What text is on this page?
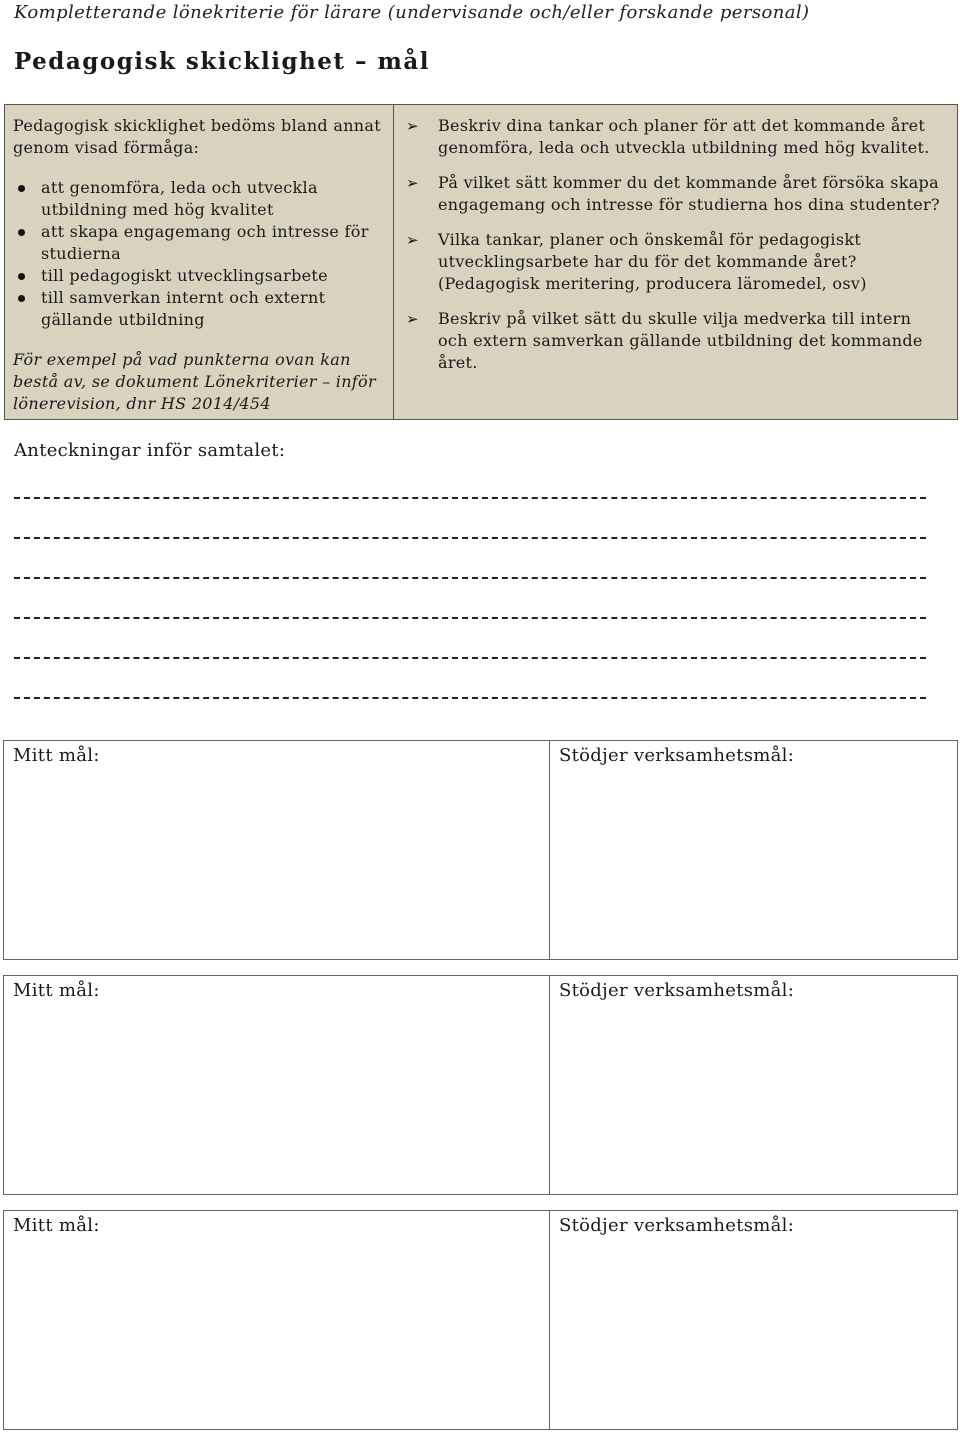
Kompletterande lönekriterie för lärare (undervisande och/eller forskande personal)
Pedagogisk skicklighet – mål

Pedagogisk skicklighet bedöms bland annat genom visad förmåga:

att genomföra, leda och utveckla utbildning med hög kvalitet
att skapa engagemang och intresse för studierna
till pedagogiskt utvecklingsarbete
till samverkan internt och externt gällande utbildning

För exempel på vad punkterna ovan kan bestå av, se dokument Lönekriterier – inför lönerevision, dnr HS 2014/454

➢ Beskriv dina tankar och planer för att det kommande året genomföra, leda och utveckla utbildning med hög kvalitet.
➢ På vilket sätt kommer du det kommande året försöka skapa engagemang och intresse för studierna hos dina studenter?
➢ Vilka tankar, planer och önskemål för pedagogiskt utvecklingsarbete har du för det kommande året? (Pedagogisk meritering, producera läromedel, osv)
➢ Beskriv på vilket sätt du skulle vilja medverka till intern och extern samverkan gällande utbildning det kommande året.
Anteckningar inför samtalet:
Mitt mål:	Stödjer verksamhetsmål:
Mitt mål:	Stödjer verksamhetsmål:
Mitt mål:	Stödjer verksamhetsmål:
